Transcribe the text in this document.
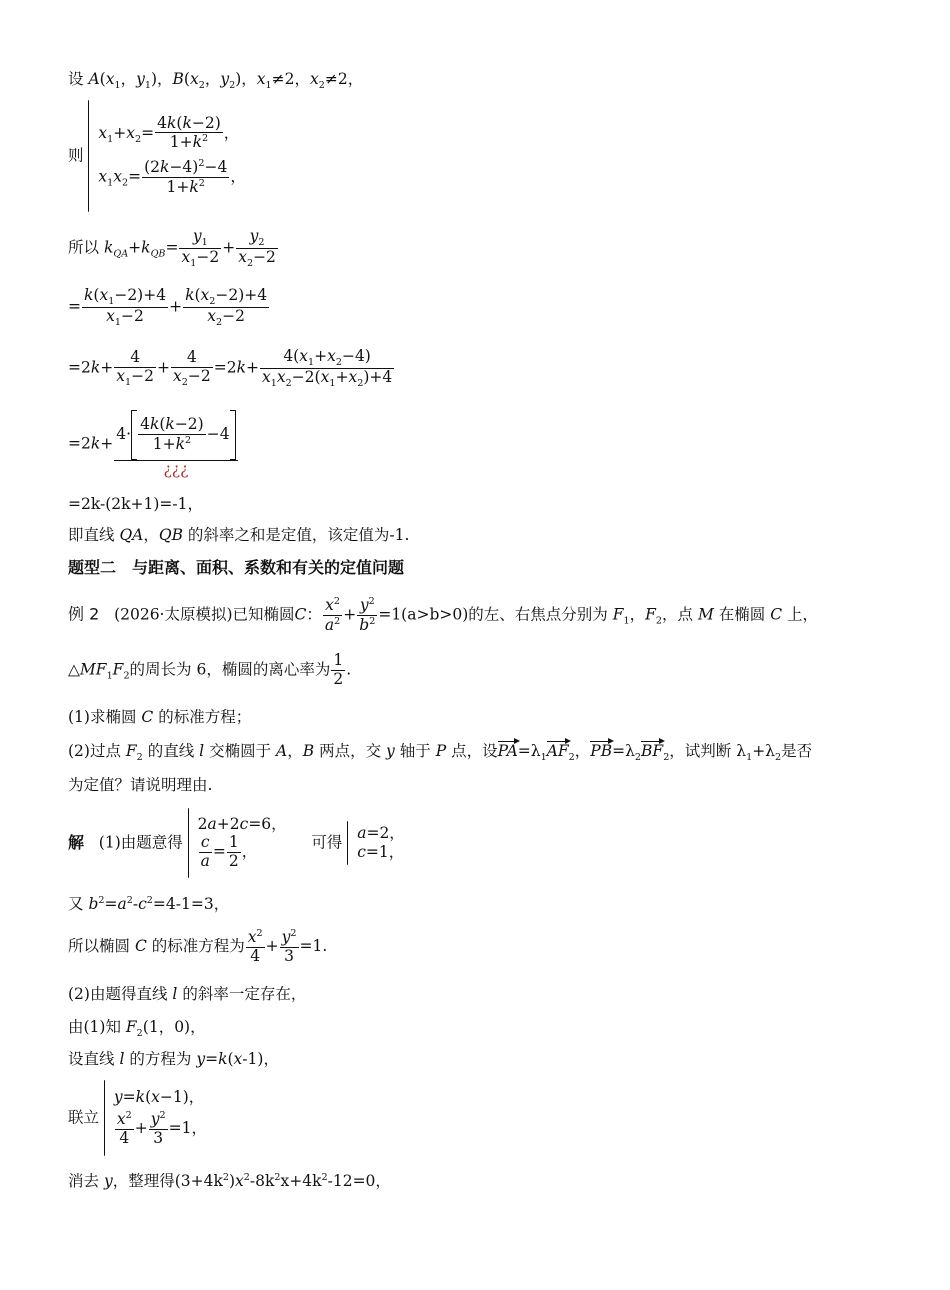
设 $A(x_1$，$y_1$)，$B(x_2$，$y_2$)，$x_1\ne 2$，$x_2\ne 2$，
则
$x_1+x_2= \frac{4k(k-2)}{1+k^2}$ ，
$x_1x_2= \frac{(2k-4)^2-4}{1+k^2}$ ，
所以 $k_{QA}+k_{QB}= \frac{y_1}{x_1-2} + \frac{y_2}{x_2-2}$
= $\frac{k(x_1-2)+4}{x_1-2} + \frac{k(x_2-2)+4}{x_2-2}$
$=2k+ \frac{4}{x_1-2} + \frac{4}{x_2-2} =2k+ \frac{4(x_1+x_2-4)}{x_1x_2-2(x_1+x_2)+4}$
=2k+
$4\cdot \frac{4k(k-2)}{1+k^2} -4$
¿¿¿
=2k-(2k+1)=-1，
即直线 QA，QB 的斜率之和是定值，该定值为-1.
题型二　与距离、面积、系数和有关的定值问题
例 2 (2026·太原模拟)已知椭圆C： $\frac{x^2}{a^2} + \frac{y^2}{b^2} =1(a>b>0)$的左、右焦点分别为 $F_1$，$F_2$，点 M 在椭圆 C 上，
$\triangle MF_1F_2$的周长为 6，椭圆的离心率为 $\frac{1}{2}$ .
(1)求椭圆 C 的标准方程；
(2)过点 $F_2$ 的直线 l 交椭圆于 A，B 两点，交 y 轴于 P 点，设$PA=\lambda_1AF_2$，$PB=\lambda_2BF_2$，试判断 $\lambda_1+\lambda_2$是否
为定值？请说明理由.
解 (1)由题意得
2a+2c=6，
$\frac{c}{a} = \frac{1}{2}$ ，	可得 a=2，
c=1，
又 $b^2=a^2-c^2=4-1=3$，
所以椭圆 C 的标准方程为 $\frac{x^2}{4} + \frac{y^2}{3} =1$.
(2)由题得直线 l 的斜率一定存在，
由(1)知 $F_2(1$，0)，
设直线 l 的方程为 y=k(x-1)，
联立
y=k(x−1)，
$\frac{x^2}{4} + \frac{y^2}{3} =1$，
消去 y，整理得$(3+4k^2)x^2-8k^2x+4k^2-12=0$，
